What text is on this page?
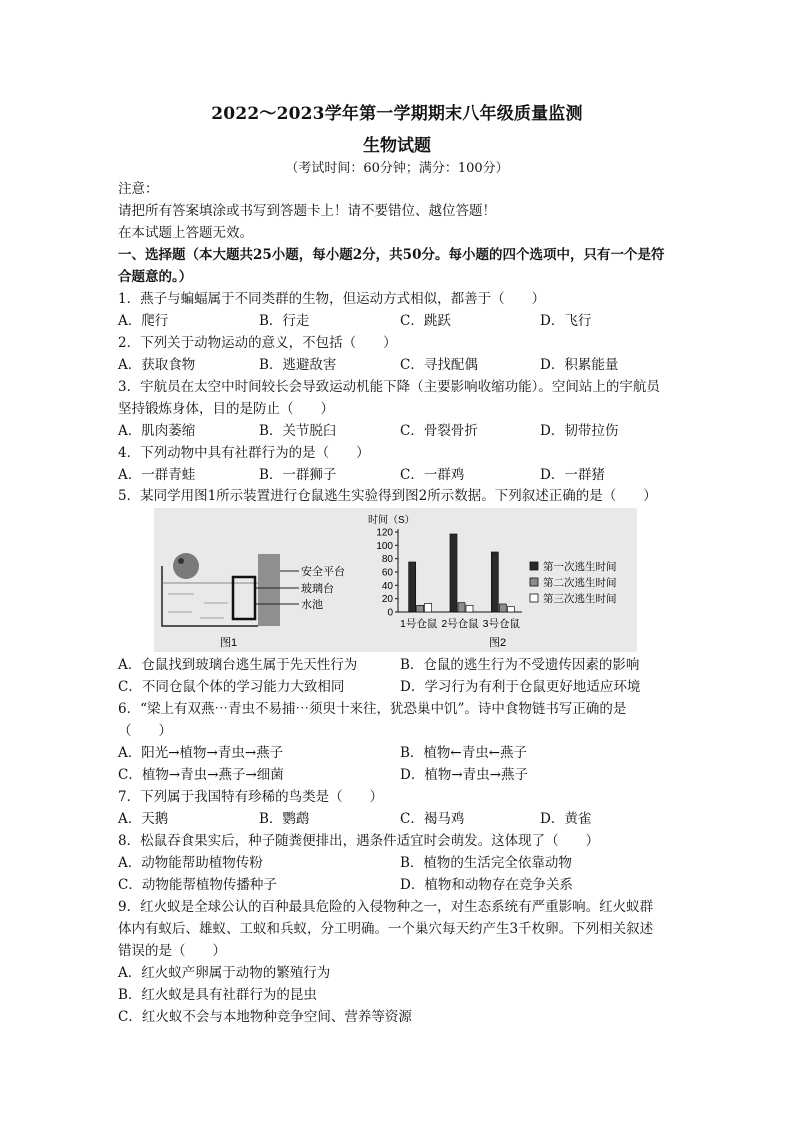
2022～2023学年第一学期期末八年级质量监测
生物试题
（考试时间：60分钟；满分：100分）
注意：
请把所有答案填涂或书写到答题卡上！请不要错位、越位答题！
在本试题上答题无效。
一、选择题（本大题共25小题，每小题2分，共50分。每小题的四个选项中，只有一个是符
合题意的。）
1．燕子与蝙蝠属于不同类群的生物，但运动方式相似，都善于（　　）
A．爬行	B．行走	C．跳跃	D．飞行
2．下列关于动物运动的意义，不包括（　　）
A．获取食物	B．逃避敌害	C．寻找配偶	D．积累能量
3．宇航员在太空中时间较长会导致运动机能下降（主要影响收缩功能）。空间站上的宇航员
坚持锻炼身体，目的是防止（　　）
A．肌肉萎缩	B．关节脱臼	C．骨裂骨折	D．韧带拉伤
4．下列动物中具有社群行为的是（　　）
A．一群青蛙	B．一群狮子	C．一群鸡	D．一群猪
5．某同学用图1所示装置进行仓鼠逃生实验得到图2所示数据。下列叙述正确的是（　　）
安全平台
玻璃台
水池
图1
时间（S）
图2
0
20
40
60
80
100
120
1号仓鼠 2号仓鼠 3号仓鼠
第一次逃生时间
第二次逃生时间
第三次逃生时间
A．仓鼠找到玻璃台逃生属于先天性行为	B．仓鼠的逃生行为不受遗传因素的影响
C．不同仓鼠个体的学习能力大致相同	D．学习行为有利于仓鼠更好地适应环境
6．“梁上有双燕⋯青虫不易捕⋯须臾十来往，犹恐巢中饥”。诗中食物链书写正确的是
（　　）
A．阳光→植物→青虫→燕子	B．植物←青虫←燕子
C．植物→青虫→燕子→细菌	D．植物→青虫→燕子
7．下列属于我国特有珍稀的鸟类是（　　）
A．天鹅	B．鹦鹉	C．褐马鸡	D．黄雀
8．松鼠吞食果实后，种子随粪便排出，遇条件适宜时会萌发。这体现了（　　）
A．动物能帮助植物传粉	B．植物的生活完全依靠动物
C．动物能帮植物传播种子	D．植物和动物存在竞争关系
9．红火蚁是全球公认的百种最具危险的入侵物种之一，对生态系统有严重影响。红火蚁群
体内有蚁后、雄蚁、工蚁和兵蚁，分工明确。一个巢穴每天约产生3千枚卵。下列相关叙述
错误的是（　　）
A．红火蚁产卵属于动物的繁殖行为
B．红火蚁是具有社群行为的昆虫
C．红火蚁不会与本地物种竞争空间、营养等资源
